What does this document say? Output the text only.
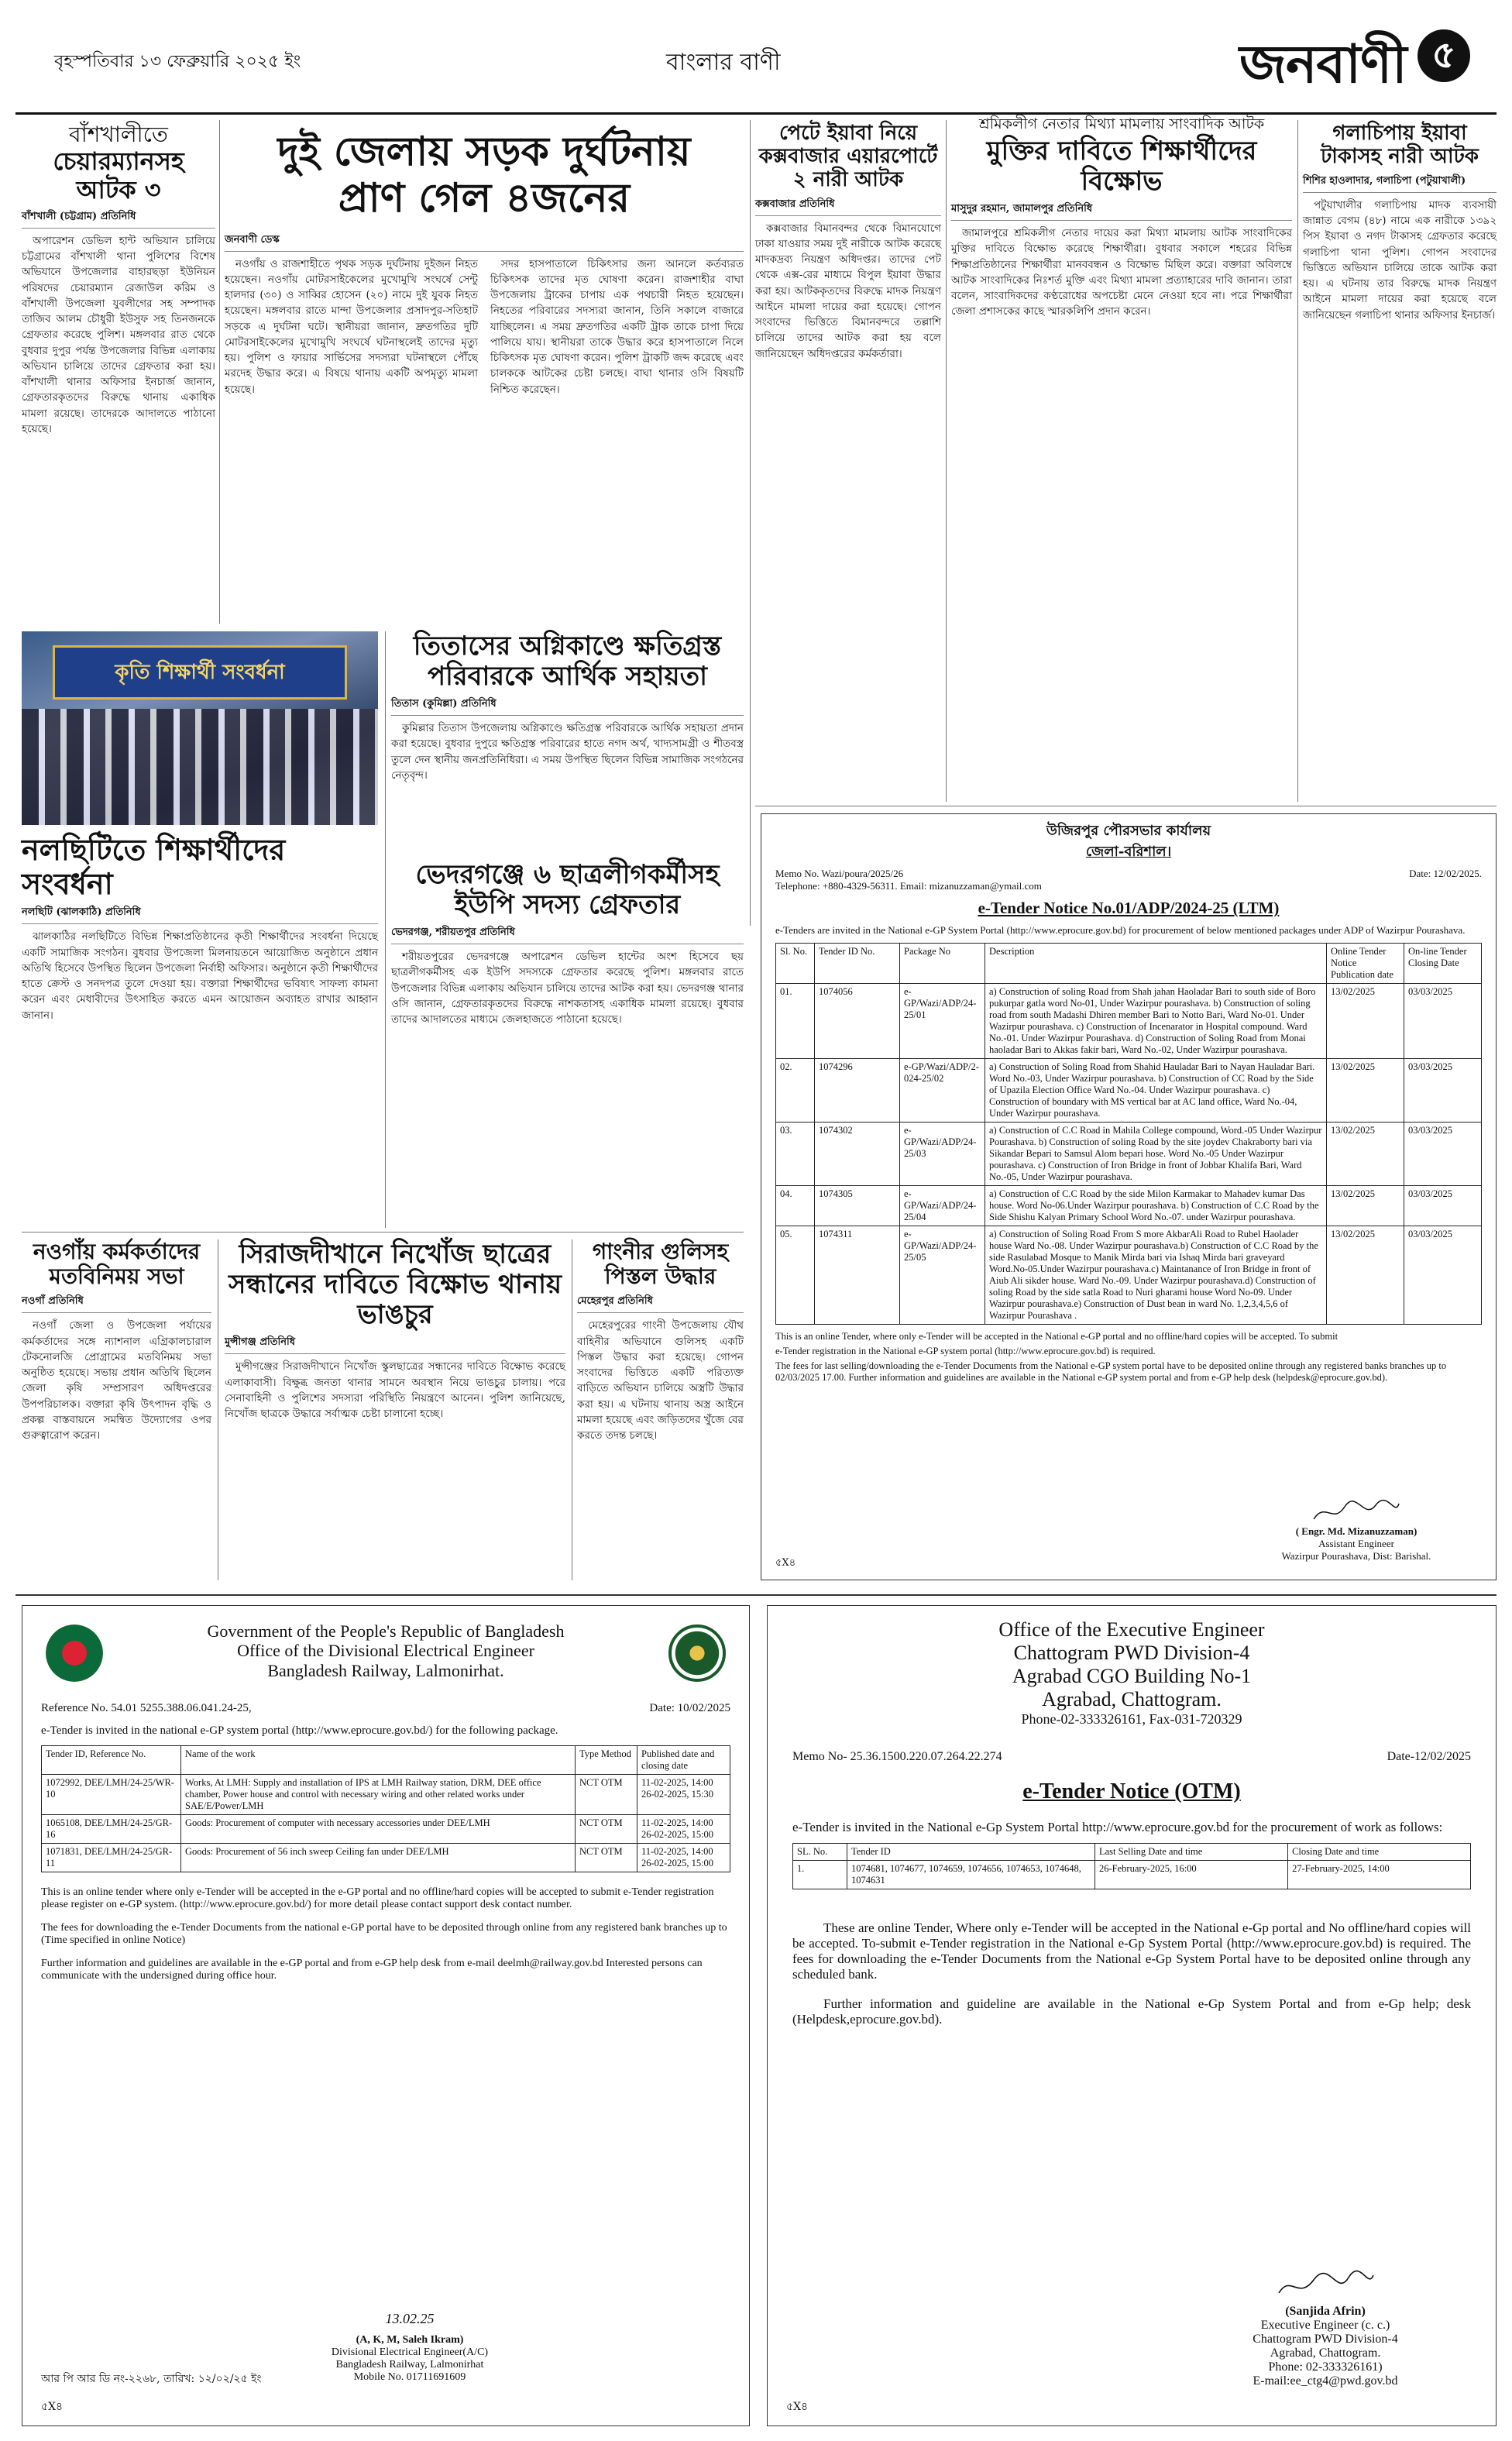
বৃহস্পতিবার ১৩ ফেব্রুয়ারি ২০২৫ ইং	বাংলার বাণী	জনবাণী ৫
বাঁশখালীতে
চেয়ারম্যানসহ আটক ৩
বাঁশখালী (চট্টগ্রাম) প্রতিনিধি

অপারেশন ডেভিল হান্ট অভিযান চালিয়ে চট্টগ্রামের বাঁশখালী থানা পুলিশের বিশেষ অভিযানে উপজেলার বাহারছড়া ইউনিয়ন পরিষদের চেয়ারম্যান রেজাউল করিম ও বাঁশখালী উপজেলা যুবলীগের সহ সম্পাদক তাজিব আলম চৌধুরী ইউসুফ সহ তিনজনকে গ্রেফতার করেছে পুলিশ। মঙ্গলবার রাত থেকে বুধবার দুপুর পর্যন্ত উপজেলার বিভিন্ন এলাকায় অভিযান চালিয়ে তাদের গ্রেফতার করা হয়। বাঁশখালী থানার অফিসার ইনচার্জ জানান, গ্রেফতারকৃতদের বিরুদ্ধে থানায় একাধিক মামলা রয়েছে। তাদেরকে আদালতে পাঠানো হয়েছে।

দুই জেলায় সড়ক দুর্ঘটনায় প্রাণ গেল ৪জনের
জনবাণী ডেস্ক

নওগাঁয় ও রাজশাহীতে পৃথক সড়ক দুর্ঘটনায় দুইজন নিহত হয়েছেন। নওগাঁয় মোটরসাইকেলের মুখোমুখি সংঘর্ষে সেন্টু হালদার (৩০) ও সাব্বির হোসেন (২০) নামে দুই যুবক নিহত হয়েছেন। মঙ্গলবার রাতে মান্দা উপজেলার প্রসাদপুর-সতিহাট সড়কে এ দুর্ঘটনা ঘটে। স্থানীয়রা জানান, দ্রুতগতির দুটি মোটরসাইকেলের মুখোমুখি সংঘর্ষে ঘটনাস্থলেই তাদের মৃত্যু হয়। পুলিশ ও ফায়ার সার্ভিসের সদস্যরা ঘটনাস্থলে পৌঁছে মরদেহ উদ্ধার করে। এ বিষয়ে থানায় একটি অপমৃত্যু মামলা হয়েছে।

সদর হাসপাতালে চিকিৎসার জন্য আনলে কর্তব্যরত চিকিৎসক তাদের মৃত ঘোষণা করেন। রাজশাহীর বাঘা উপজেলায় ট্রাকের চাপায় এক পথচারী নিহত হয়েছেন। নিহতের পরিবারের সদস্যরা জানান, তিনি সকালে বাজারে যাচ্ছিলেন। এ সময় দ্রুতগতির একটি ট্রাক তাকে চাপা দিয়ে পালিয়ে যায়। স্থানীয়রা তাকে উদ্ধার করে হাসপাতালে নিলে চিকিৎসক মৃত ঘোষণা করেন। পুলিশ ট্রাকটি জব্দ করেছে এবং চালককে আটকের চেষ্টা চলছে। বাঘা থানার ওসি বিষয়টি নিশ্চিত করেছেন।

পেটে ইয়াবা নিয়ে কক্সবাজার এয়ারপোর্টে ২ নারী আটক
কক্সবাজার প্রতিনিধি

কক্সবাজার বিমানবন্দর থেকে বিমানযোগে ঢাকা যাওয়ার সময় দুই নারীকে আটক করেছে মাদকদ্রব্য নিয়ন্ত্রণ অধিদপ্তর। তাদের পেট থেকে এক্স-রের মাধ্যমে বিপুল ইয়াবা উদ্ধার করা হয়। আটককৃতদের বিরুদ্ধে মাদক নিয়ন্ত্রণ আইনে মামলা দায়ের করা হয়েছে। গোপন সংবাদের ভিত্তিতে বিমানবন্দরে তল্লাশি চালিয়ে তাদের আটক করা হয় বলে জানিয়েছেন অধিদপ্তরের কর্মকর্তারা।

শ্রমিকলীগ নেতার মিথ্যা মামলায় সাংবাদিক আটক
মুক্তির দাবিতে শিক্ষার্থীদের বিক্ষোভ
মাসুদুর রহমান, জামালপুর প্রতিনিধি

জামালপুরে শ্রমিকলীগ নেতার দায়ের করা মিথ্যা মামলায় আটক সাংবাদিকের মুক্তির দাবিতে বিক্ষোভ করেছে শিক্ষার্থীরা। বুধবার সকালে শহরের বিভিন্ন শিক্ষাপ্রতিষ্ঠানের শিক্ষার্থীরা মানববন্ধন ও বিক্ষোভ মিছিল করে। বক্তারা অবিলম্বে আটক সাংবাদিকের নিঃশর্ত মুক্তি এবং মিথ্যা মামলা প্রত্যাহারের দাবি জানান। তারা বলেন, সাংবাদিকদের কণ্ঠরোধের অপচেষ্টা মেনে নেওয়া হবে না। পরে শিক্ষার্থীরা জেলা প্রশাসকের কাছে স্মারকলিপি প্রদান করেন।

গলাচিপায় ইয়াবা টাকাসহ নারী আটক
শিশির হাওলাদার, গলাচিপা (পটুয়াখালী)

পটুয়াখালীর গলাচিপায় মাদক ব্যবসায়ী জান্নাত বেগম (৪৮) নামে এক নারীকে ১৩৯২ পিস ইয়াবা ও নগদ টাকাসহ গ্রেফতার করেছে গলাচিপা থানা পুলিশ। গোপন সংবাদের ভিত্তিতে অভিযান চালিয়ে তাকে আটক করা হয়। এ ঘটনায় তার বিরুদ্ধে মাদক নিয়ন্ত্রণ আইনে মামলা দায়ের করা হয়েছে বলে জানিয়েছেন গলাচিপা থানার অফিসার ইনচার্জ।

কৃতি শিক্ষার্থী সংবর্ধনা
নলছিটিতে শিক্ষার্থীদের সংবর্ধনা
নলছিটি (ঝালকাঠি) প্রতিনিধি

ঝালকাঠির নলছিটিতে বিভিন্ন শিক্ষাপ্রতিষ্ঠানের কৃতী শিক্ষার্থীদের সংবর্ধনা দিয়েছে একটি সামাজিক সংগঠন। বুধবার উপজেলা মিলনায়তনে আয়োজিত অনুষ্ঠানে প্রধান অতিথি হিসেবে উপস্থিত ছিলেন উপজেলা নির্বাহী অফিসার। অনুষ্ঠানে কৃতী শিক্ষার্থীদের হাতে ক্রেস্ট ও সনদপত্র তুলে দেওয়া হয়। বক্তারা শিক্ষার্থীদের ভবিষ্যৎ সাফল্য কামনা করেন এবং মেধাবীদের উৎসাহিত করতে এমন আয়োজন অব্যাহত রাখার আহ্বান জানান।

তিতাসের অগ্নিকাণ্ডে ক্ষতিগ্রস্ত পরিবারকে আর্থিক সহায়তা
তিতাস (কুমিল্লা) প্রতিনিধি

কুমিল্লার তিতাস উপজেলায় অগ্নিকাণ্ডে ক্ষতিগ্রস্ত পরিবারকে আর্থিক সহায়তা প্রদান করা হয়েছে। বুধবার দুপুরে ক্ষতিগ্রস্ত পরিবারের হাতে নগদ অর্থ, খাদ্যসামগ্রী ও শীতবস্ত্র তুলে দেন স্থানীয় জনপ্রতিনিধিরা। এ সময় উপস্থিত ছিলেন বিভিন্ন সামাজিক সংগঠনের নেতৃবৃন্দ।

ভেদরগঞ্জে ৬ ছাত্রলীগকর্মীসহ ইউপি সদস্য গ্রেফতার
ভেদরগঞ্জ, শরীয়তপুর প্রতিনিধি

শরীয়তপুরের ভেদরগঞ্জে অপারেশন ডেভিল হান্টের অংশ হিসেবে ছয় ছাত্রলীগকর্মীসহ এক ইউপি সদস্যকে গ্রেফতার করেছে পুলিশ। মঙ্গলবার রাতে উপজেলার বিভিন্ন এলাকায় অভিযান চালিয়ে তাদের আটক করা হয়। ভেদরগঞ্জ থানার ওসি জানান, গ্রেফতারকৃতদের বিরুদ্ধে নাশকতাসহ একাধিক মামলা রয়েছে। বুধবার তাদের আদালতের মাধ্যমে জেলহাজতে পাঠানো হয়েছে।

নওগাঁয় কর্মকর্তাদের মতবিনিময় সভা
নওগাঁ প্রতিনিধি

নওগাঁ জেলা ও উপজেলা পর্যায়ের কর্মকর্তাদের সঙ্গে ন্যাশনাল এগ্রিকালচারাল টেকনোলজি প্রোগ্রামের মতবিনিময় সভা অনুষ্ঠিত হয়েছে। সভায় প্রধান অতিথি ছিলেন জেলা কৃষি সম্প্রসারণ অধিদপ্তরের উপপরিচালক। বক্তারা কৃষি উৎপাদন বৃদ্ধি ও প্রকল্প বাস্তবায়নে সমন্বিত উদ্যোগের ওপর গুরুত্বারোপ করেন।

সিরাজদীখানে নিখোঁজ ছাত্রের সন্ধানের দাবিতে বিক্ষোভ থানায় ভাঙচুর
মুন্সীগঞ্জ প্রতিনিধি

মুন্সীগঞ্জের সিরাজদীখানে নিখোঁজ স্কুলছাত্রের সন্ধানের দাবিতে বিক্ষোভ করেছে এলাকাবাসী। বিক্ষুব্ধ জনতা থানার সামনে অবস্থান নিয়ে ভাঙচুর চালায়। পরে সেনাবাহিনী ও পুলিশের সদস্যরা পরিস্থিতি নিয়ন্ত্রণে আনেন। পুলিশ জানিয়েছে, নিখোঁজ ছাত্রকে উদ্ধারে সর্বাত্মক চেষ্টা চালানো হচ্ছে।

গাংনীর গুলিসহ পিস্তল উদ্ধার
মেহেরপুর প্রতিনিধি

মেহেরপুরের গাংনী উপজেলায় যৌথ বাহিনীর অভিযানে গুলিসহ একটি পিস্তল উদ্ধার করা হয়েছে। গোপন সংবাদের ভিত্তিতে একটি পরিত্যক্ত বাড়িতে অভিযান চালিয়ে অস্ত্রটি উদ্ধার করা হয়। এ ঘটনায় থানায় অস্ত্র আইনে মামলা হয়েছে এবং জড়িতদের খুঁজে বের করতে তদন্ত চলছে।

উজিরপুর পৌরসভার কার্যালয়
জেলা-বরিশাল।
Memo No. Wazi/poura/2025/26	Date: 12/02/2025.
Telephone: +880-4329-56311. Email: mizanuzzaman@ymail.com
e-Tender Notice No.01/ADP/2024-25 (LTM)
e-Tenders are invited in the National e-GP System Portal (http://www.eprocure.gov.bd) for procurement of below mentioned packages under ADP of Wazirpur Pourashava.
Sl. No.	Tender ID No.	Package No	Description	Online Tender Notice Publication date	On-line Tender Closing Date
01.	1074056	e-GP/Wazi/ADP/24-25/01	a) Construction of soling Road from Shah jahan Haoladar Bari to south side of Boro pukurpar gatla word No-01, Under Wazirpur pourashava. b) Construction of soling road from south Madashi Dhiren member Bari to Notto Bari, Ward No-01. Under Wazirpur pourashava. c) Construction of Incenarator in Hospital compound. Ward No.-01. Under Wazirpur Pourashava. d) Construction of Soling Road from Monai haoladar Bari to Akkas fakir bari, Ward No.-02, Under Wazirpur pourashava.	13/02/2025	03/03/2025
02.	1074296	e-GP/Wazi/ADP/2-024-25/02	a) Construction of Soling Road from Shahid Hauladar Bari to Nayan Hauladar Bari. Word No.-03, Under Wazirpur pourashava. b) Construction of CC Road by the Side of Upazila Election Office Ward No.-04. Under Wazirpur pourashava. c) Construction of boundary with MS vertical bar at AC land office, Ward No.-04, Under Wazirpur pourashava.	13/02/2025	03/03/2025
03.	1074302	e-GP/Wazi/ADP/24-25/03	a) Construction of C.C Road in Mahila College compound, Word.-05 Under Wazirpur Pourashava. b) Construction of soling Road by the site joydev Chakraborty bari via Sikandar Bepari to Samsul Alom bepari hose. Word No.-05 Under Wazirpur pourashava. c) Construction of Iron Bridge in front of Jobbar Khalifa Bari, Ward No.-05, Under Wazirpur pourashava.	13/02/2025	03/03/2025
04.	1074305	e-GP/Wazi/ADP/24-25/04	a) Construction of C.C Road by the side Milon Karmakar to Mahadev kumar Das house. Word No-06.Under Wazirpur pourashava. b) Construction of C.C Road by the Side Shishu Kalyan Primary School Word No.-07. under Wazirpur pourashava.	13/02/2025	03/03/2025
05.	1074311	e-GP/Wazi/ADP/24-25/05	a) Construction of Soling Road From S more AkbarAli Road to Rubel Haolader house Ward No.-08. Under Wazirpur pourashava.b) Construction of C.C Road by the side Rasulabad Mosque to Manik Mirda bari via Ishaq Mirda bari graveyard Word.No-05.Under Wazirpur pourashava.c) Maintanance of Iron Bridge in front of Aiub Ali sikder house. Ward No.-09. Under Wazirpur pourashava.d) Construction of soling Road by the side satla Road to Nuri gharami house Word No-09. Under Wazirpur pourashava.e) Construction of Dust bean in ward No. 1,2,3,4,5,6 of Wazirpur Pourashava .	13/02/2025	03/03/2025
This is an online Tender, where only e-Tender will be accepted in the National e-GP portal and no offline/hard copies will be accepted. To submit
e-Tender registration in the National e-GP system portal (http://www.eprocure.gov.bd) is required.
The fees for last selling/downloading the e-Tender Documents from the National e-GP system portal have to be deposited online through any registered banks branches up to 02/03/2025 17.00. Further information and guidelines are available in the National e-GP system portal and from e-GP help desk (helpdesk@eprocure.gov.bd).
( Engr. Md. Mizanuzzaman)
Assistant Engineer
Wazirpur Pourashava, Dist: Barishal.
৫X৪
Government of the People's Republic of Bangladesh
Office of the Divisional Electrical Engineer
Bangladesh Railway, Lalmonirhat.
Reference No. 54.01 5255.388.06.041.24-25,	Date: 10/02/2025
e-Tender is invited in the national e-GP system portal (http://www.eprocure.gov.bd/) for the following package.
Tender ID, Reference No.	Name of the work	Type Method	Published date and closing date
1072992, DEE/LMH/24-25/WR-10	Works, At LMH: Supply and installation of IPS at LMH Railway station, DRM, DEE office chamber, Power house and control with necessary wiring and other related works under SAE/E/Power/LMH	NCT OTM	11-02-2025, 14:00 26-02-2025, 15:30
1065108, DEE/LMH/24-25/GR-16	Goods: Procurement of computer with necessary accessories under DEE/LMH	NCT OTM	11-02-2025, 14:00 26-02-2025, 15:00
1071831, DEE/LMH/24-25/GR-11	Goods: Procurement of 56 inch sweep Ceiling fan under DEE/LMH	NCT OTM	11-02-2025, 14:00 26-02-2025, 15:00
This is an online tender where only e-Tender will be accepted in the e-GP portal and no offline/hard copies will be accepted to submit e-Tender registration please register on e-GP system. (http://www.eprocure.gov.bd/) for more detail please contact support desk contact number.
The fees for downloading the e-Tender Documents from the national e-GP portal have to be deposited through online from any registered bank branches up to (Time specified in online Notice)
Further information and guidelines are available in the e-GP portal and from e-GP help desk from e-mail deelmh@railway.gov.bd Interested persons can communicate with the undersigned during office hour.
13.02.25
(A, K, M, Saleh Ikram)
Divisional Electrical Engineer(A/C)
Bangladesh Railway, Lalmonirhat
Mobile No. 01711691609
আর পি আর ডি নং-২২৬৮, তারিখ: ১২/০২/২৫ ইং
৫X৪
Office of the Executive Engineer
Chattogram PWD Division-4
Agrabad CGO Building No-1
Agrabad, Chattogram.
Phone-02-333326161, Fax-031-720329
Memo No- 25.36.1500.220.07.264.22.274	Date-12/02/2025
e-Tender Notice (OTM)
e-Tender is invited in the National e-Gp System Portal http://www.eprocure.gov.bd for the procurement of work as follows:
SL. No.	Tender ID	Last Selling Date and time	Closing Date and time
1.	1074681, 1074677, 1074659, 1074656, 1074653, 1074648, 1074631	26-February-2025, 16:00	27-February-2025, 14:00
These are online Tender, Where only e-Tender will be accepted in the National e-Gp portal and No offline/hard copies will be accepted. To-submit e-Tender registration in the National e-Gp System Portal (http://www.eprocure.gov.bd) is required. The fees for downloading the e-Tender Documents from the National e-Gp System Portal have to be deposited online through any scheduled bank.
Further information and guideline are available in the National e-Gp System Portal and from e-Gp help; desk (Helpdesk,eprocure.gov.bd).
(Sanjida Afrin)
Executive Engineer (c. c.)
Chattogram PWD Division-4
Agrabad, Chattogram.
Phone: 02-333326161)
E-mail:ee_ctg4@pwd.gov.bd
৫X৪
